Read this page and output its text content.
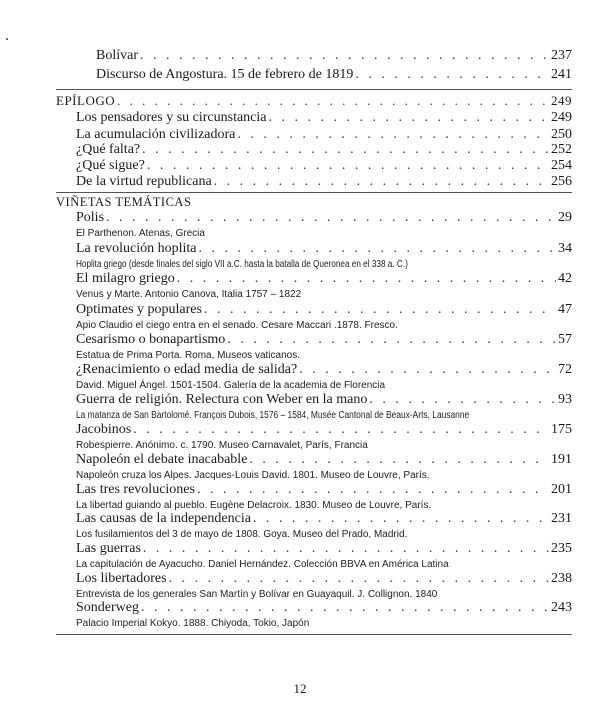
Bolívar . . .	237
Discurso de Angostura. 15 de febrero de 1819 . . .	241
EPÍLOGO . . .	249
Los pensadores y su circunstancia . . .	249
La acumulación civilizadora . . .	250
¿Qué falta? . . .	252
¿Qué sigue? . . .	254
De la virtud republicana . . .	256
VIÑETAS TEMÁTICAS
Polis . . .	29
El Parthenon. Atenas, Grecia
La revolución hoplita . . .	34
Hoplita griego (desde finales del siglo VII a.C. hasta la batalla de Queronea en el 338 a. C.)
El milagro griego . . .	42
Venus y Marte. Antonio Canova, Italia 1757 – 1822
Optimates y populares . . .	47
Apio Claudio el ciego entra en el senado. Cesare Maccari .1878. Fresco.
Cesarismo o bonapartismo . . .	57
Estatua de Prima Porta. Roma, Museos vaticanos.
¿Renacimiento o edad media de salida? . . .	72
David. Miguel Ángel. 1501-1504. Galería de la academia de Florencia
Guerra de religión. Relectura con Weber en la mano . . .	93
La matanza de San Bartolomé. François Dubois, 1576 – 1584, Musée Cantonal de Beaux-Arts, Lausanne
Jacobinos . . .	175
Robespierre. Anónimo. c. 1790. Museo Carnavalet, París, Francia
Napoleón el debate inacabable . . .	191
Napoleón cruza los Alpes. Jacques-Louis David. 1801. Museo de Louvre, París.
Las tres revoluciones . . .	201
La libertad guiando al pueblo. Eugène Delacroix. 1830. Museo de Louvre, París.
Las causas de la independencia . . .	231
Los fusilamientos del 3 de mayo de 1808. Goya. Museo del Prado, Madrid.
Las guerras . . .	235
La capitulación de Ayacucho. Daniel Hernández. Colección BBVA en América Latina
Los libertadores . . .	238
Entrevista de los generales San Martín y Bolívar en Guayaquil. J. Collignon. 1840
Sonderweg . . .	243
Palacio Imperial Kokyo. 1888. Chiyoda, Tokio, Japón
12
